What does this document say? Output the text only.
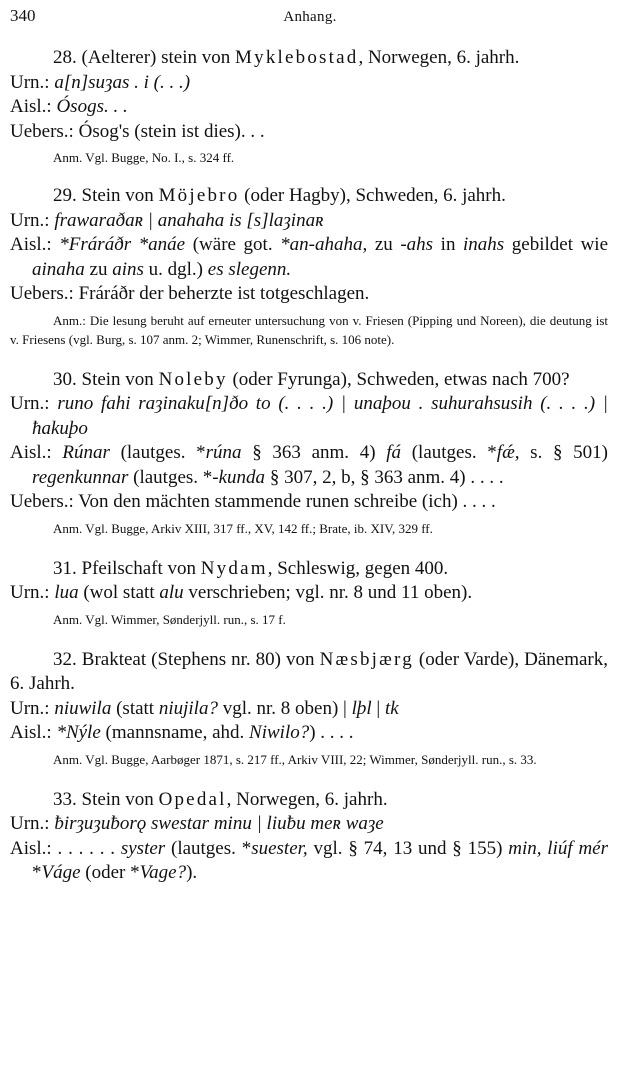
340	Anhang.

28. (Aelterer) stein von Myklebostad, Norwegen, 6. jahrh.

Urn.: a[n]suȝas . i (. . .)

Aisl.: Ósogs. . .

Uebers.: Ósog's (stein ist dies). . .

Anm. Vgl. Bugge, No. I., s. 324 ff.

29. Stein von Möjebro (oder Hagby), Schweden, 6. jahrh.

Urn.: frawaraðaʀ | anahaha is [s]laȝinaʀ

Aisl.: *Fráráðr *anáe (wäre got. *an-ahaha, zu -ahs in inahs gebildet wie ainaha zu ains u. dgl.) es slegenn.

Uebers.: Fráráðr der beherzte ist totgeschlagen.

Anm.: Die lesung beruht auf erneuter untersuchung von v. Friesen (Pipping und Noreen), die deutung ist v. Friesens (vgl. Burg, s. 107 anm. 2; Wimmer, Runenschrift, s. 106 note).

30. Stein von Noleby (oder Fyrunga), Schweden, etwas nach 700?

Urn.: runo fahi raȝinaku[n]ðo to (. . . .) | unaþou . suhurahsusih (. . . .) | ħakuþo

Aisl.: Rúnar (lautges. *rúna § 363 anm. 4) fá (lautges. *fǽ, s. § 501) regenkunnar (lautges. *-kunda § 307, 2, b, § 363 anm. 4) . . . .

Uebers.: Von den mächten stammende runen schreibe (ich) . . . .

Anm. Vgl. Bugge, Arkiv XIII, 317 ff., XV, 142 ff.; Brate, ib. XIV, 329 ff.

31. Pfeilschaft von Nydam, Schleswig, gegen 400.

Urn.: lua (wol statt alu verschrieben; vgl. nr. 8 und 11 oben).

Anm. Vgl. Wimmer, Sønderjyll. run., s. 17 f.

32. Brakteat (Stephens nr. 80) von Næsbjærg (oder Varde), Dänemark, 6. Jahrh.

Urn.: niuwila (statt niujila? vgl. nr. 8 oben) | lþl | tk

Aisl.: *Nýle (mannsname, ahd. Niwilo?) . . . .

Anm. Vgl. Bugge, Aarbøger 1871, s. 217 ff., Arkiv VIII, 22; Wimmer, Sønderjyll. run., s. 33.

33. Stein von Opedal, Norwegen, 6. jahrh.

Urn.: ƀirȝuȝuƀorǫ swestar minu | liuƀu meʀ waȝe

Aisl.: . . . . . . syster (lautges. *suester, vgl. § 74, 13 und § 155) min, liúf mér *Váge (oder *Vage?).
